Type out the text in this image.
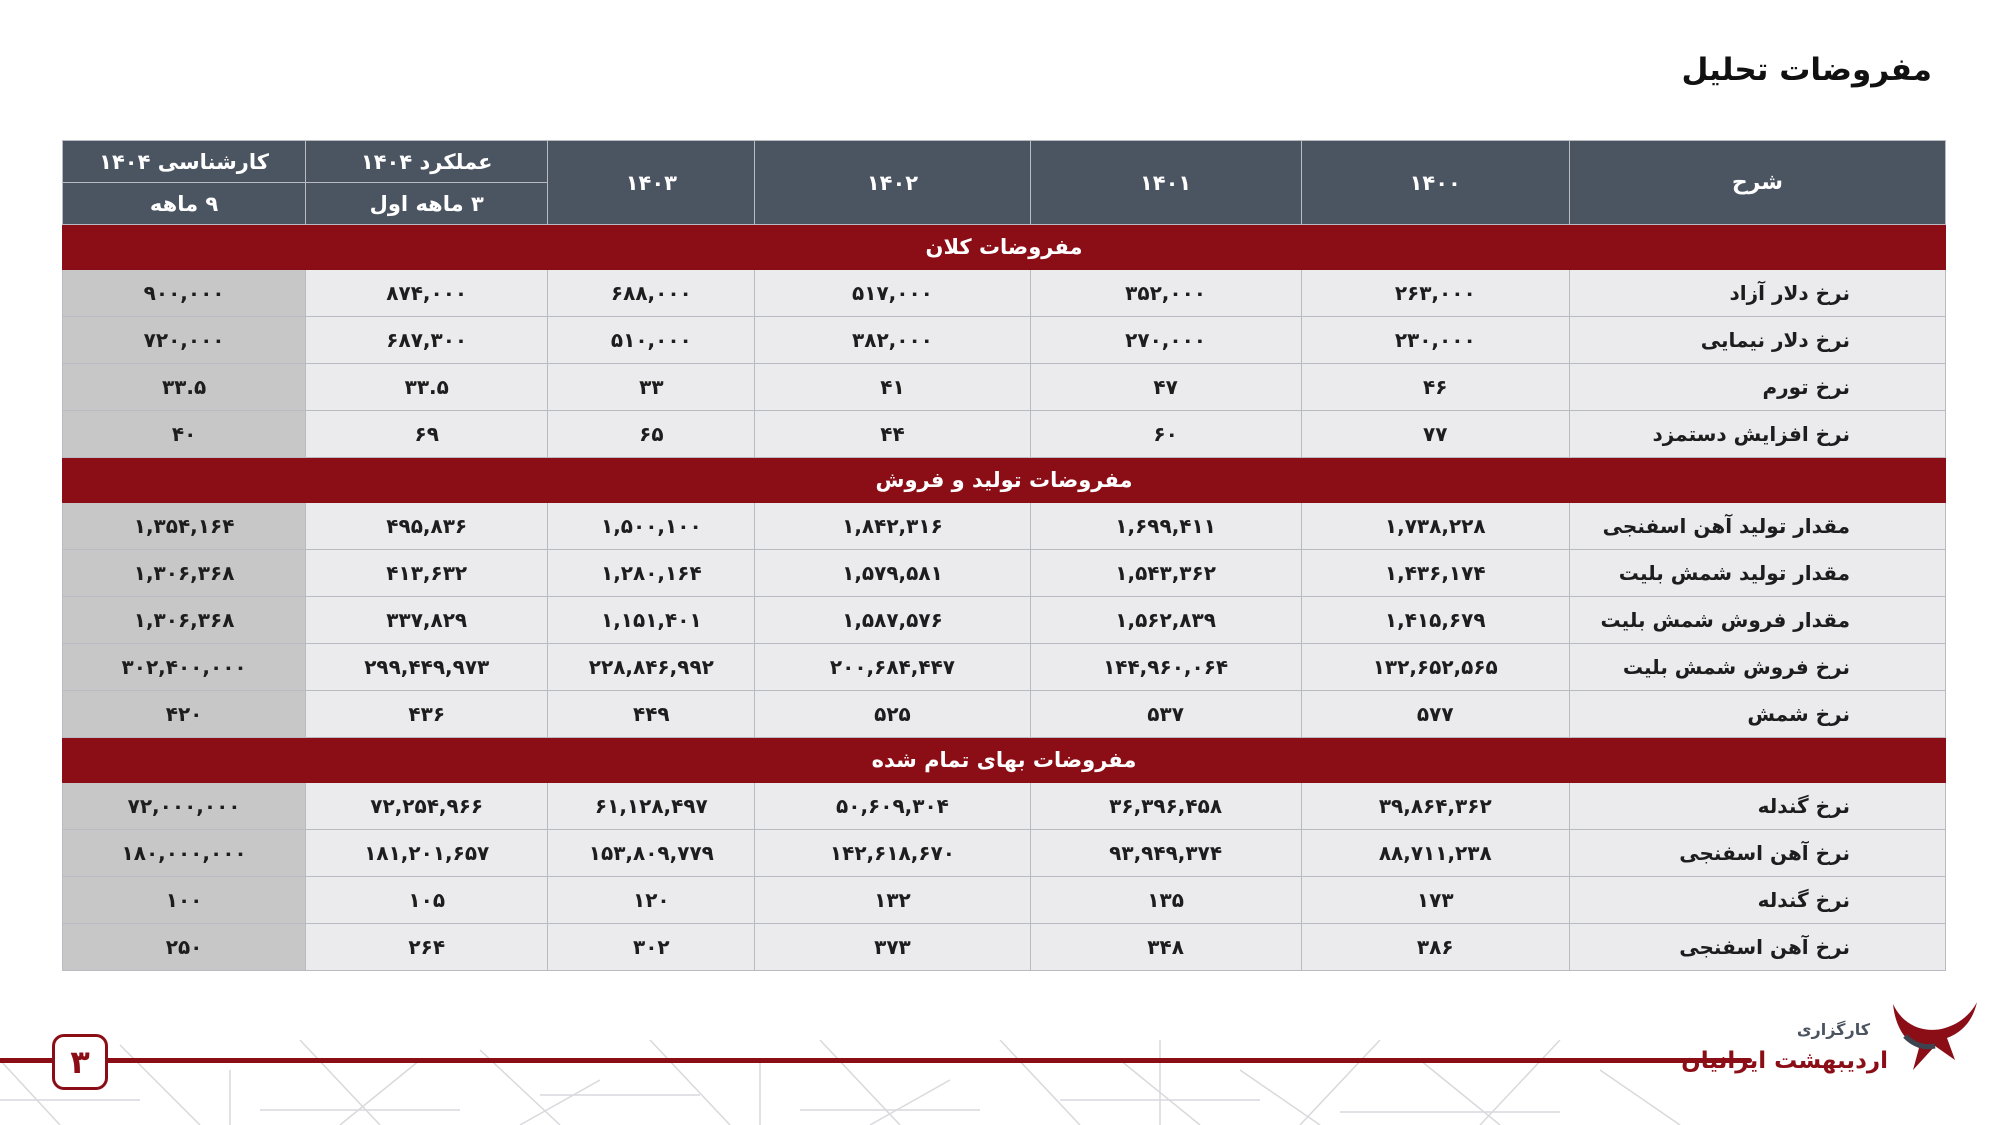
مفروضات تحلیل
شرح	۱۴۰۰	۱۴۰۱	۱۴۰۲	۱۴۰۳	عملکرد ۱۴۰۴	کارشناسی ۱۴۰۴
					۳ ماهه اول	۹ ماهه
مفروضات کلان						
نرخ دلار آزاد	۲۶۳,۰۰۰	۳۵۲,۰۰۰	۵۱۷,۰۰۰	۶۸۸,۰۰۰	۸۷۴,۰۰۰	۹۰۰,۰۰۰
نرخ دلار نیمایی	۲۳۰,۰۰۰	۲۷۰,۰۰۰	۳۸۲,۰۰۰	۵۱۰,۰۰۰	۶۸۷,۳۰۰	۷۲۰,۰۰۰
نرخ تورم	۴۶	۴۷	۴۱	۳۳	۳۳.۵	۳۳.۵
نرخ افزایش دستمزد	۷۷	۶۰	۴۴	۶۵	۶۹	۴۰
مفروضات تولید و فروش						
مقدار تولید آهن اسفنجی	۱,۷۳۸,۲۲۸	۱,۶۹۹,۴۱۱	۱,۸۴۲,۳۱۶	۱,۵۰۰,۱۰۰	۴۹۵,۸۳۶	۱,۳۵۴,۱۶۴
مقدار تولید شمش بلیت	۱,۴۳۶,۱۷۴	۱,۵۴۳,۳۶۲	۱,۵۷۹,۵۸۱	۱,۲۸۰,۱۶۴	۴۱۳,۶۳۲	۱,۳۰۶,۳۶۸
مقدار فروش شمش بلیت	۱,۴۱۵,۶۷۹	۱,۵۶۲,۸۳۹	۱,۵۸۷,۵۷۶	۱,۱۵۱,۴۰۱	۳۳۷,۸۲۹	۱,۳۰۶,۳۶۸
نرخ فروش شمش بلیت	۱۳۲,۶۵۲,۵۶۵	۱۴۴,۹۶۰,۰۶۴	۲۰۰,۶۸۴,۴۴۷	۲۲۸,۸۴۶,۹۹۲	۲۹۹,۴۴۹,۹۷۳	۳۰۲,۴۰۰,۰۰۰
نرخ شمش	۵۷۷	۵۳۷	۵۲۵	۴۴۹	۴۳۶	۴۲۰
مفروضات بهای تمام شده						
نرخ گندله	۳۹,۸۶۴,۳۶۲	۳۶,۳۹۶,۴۵۸	۵۰,۶۰۹,۳۰۴	۶۱,۱۲۸,۴۹۷	۷۲,۲۵۴,۹۶۶	۷۲,۰۰۰,۰۰۰
نرخ آهن اسفنجی	۸۸,۷۱۱,۲۳۸	۹۳,۹۴۹,۳۷۴	۱۴۲,۶۱۸,۶۷۰	۱۵۳,۸۰۹,۷۷۹	۱۸۱,۲۰۱,۶۵۷	۱۸۰,۰۰۰,۰۰۰
نرخ گندله	۱۷۳	۱۳۵	۱۳۲	۱۲۰	۱۰۵	۱۰۰
نرخ آهن اسفنجی	۳۸۶	۳۴۸	۳۷۳	۳۰۲	۲۶۴	۲۵۰
۳
کارگزاری
اردیبهشت ایرانیان
